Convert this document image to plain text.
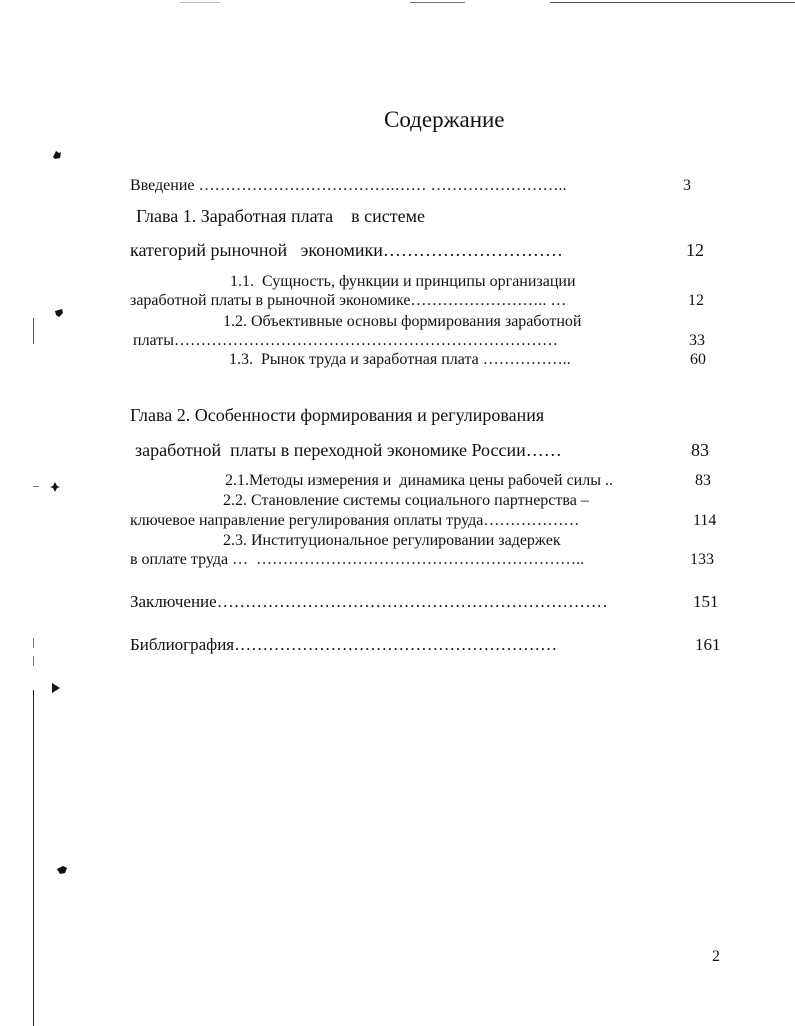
Содержание
Введение ……………………………….…… ……………………..	3
Глава 1. Заработная плата    в системе
категорий рыночной   экономики…………………………	12
1.1.  Сущность, функции и принципы организации
заработной платы в рыночной экономике…………………….. …	12
1.2. Объективные основы формирования заработной
платы………………………………………………………………	33
1.3.  Рынок труда и заработная плата ……………..	60
Глава 2. Особенности формирования и регулирования
заработной  платы в переходной экономике России……	83
2.1.Методы измерения и  динамика цены рабочей силы ..	83
2.2. Становление системы социального партнерства –
ключевое направление регулирования оплаты труда………………	114
2.3. Институциональное регулировании задержек
в оплате труда …  ……………………………………………………..	133
Заключение……………………………………………………………	151
Библиография…………………………………………………	161
2
